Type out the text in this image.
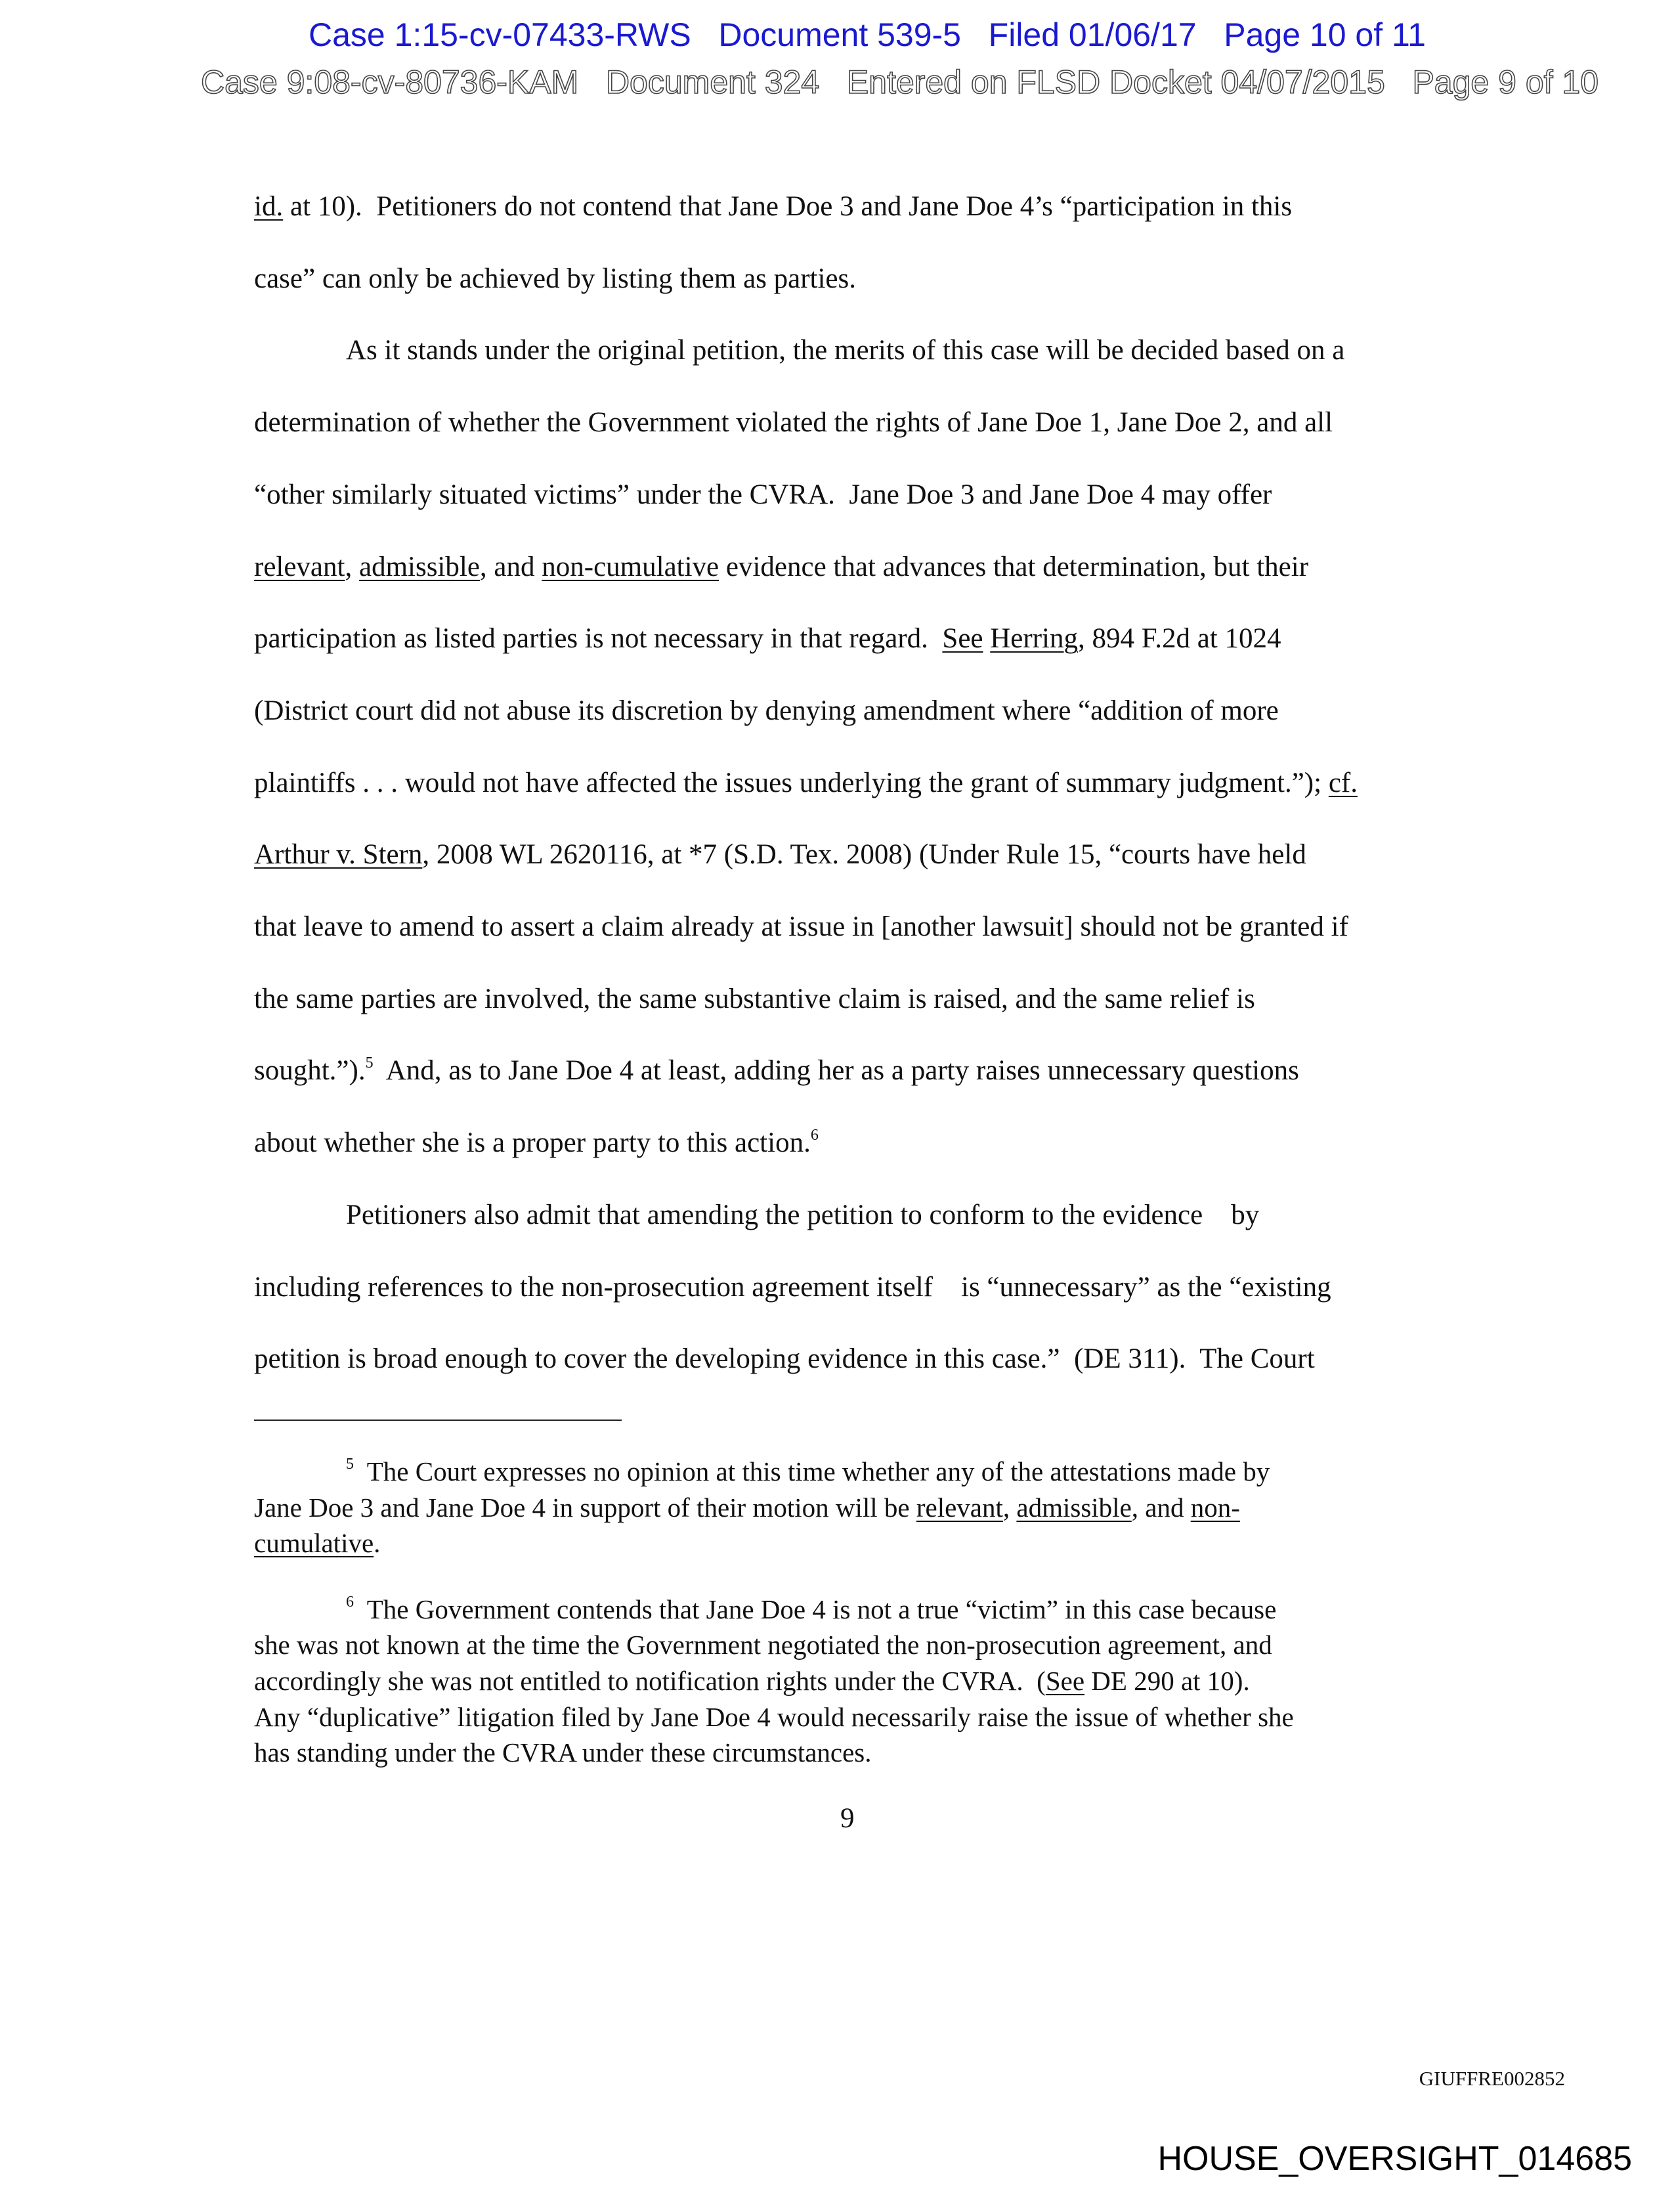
Case 1:15-cv-07433-RWS   Document 539-5   Filed 01/06/17   Page 10 of 11
Case 9:08-cv-80736-KAM   Document 324   Entered on FLSD Docket 04/07/2015   Page 9 of 10
id. at 10).  Petitioners do not contend that Jane Doe 3 and Jane Doe 4’s “participation in this
case” can only be achieved by listing them as parties.
As it stands under the original petition, the merits of this case will be decided based on a
determination of whether the Government violated the rights of Jane Doe 1, Jane Doe 2, and all
“other similarly situated victims” under the CVRA.  Jane Doe 3 and Jane Doe 4 may offer
relevant, admissible, and non-cumulative evidence that advances that determination, but their
participation as listed parties is not necessary in that regard.  See Herring, 894 F.2d at 1024
(District court did not abuse its discretion by denying amendment where “addition of more
plaintiffs . . . would not have affected the issues underlying the grant of summary judgment.”); cf.
Arthur v. Stern, 2008 WL 2620116, at *7 (S.D. Tex. 2008) (Under Rule 15, “courts have held
that leave to amend to assert a claim already at issue in [another lawsuit] should not be granted if
the same parties are involved, the same substantive claim is raised, and the same relief is
sought.”).$^5$  And, as to Jane Doe 4 at least, adding her as a party raises unnecessary questions
about whether she is a proper party to this action.$^6$
Petitioners also admit that amending the petition to conform to the evidence    by
including references to the non-prosecution agreement itself    is “unnecessary” as the “existing
petition is broad enough to cover the developing evidence in this case.”  (DE 311).  The Court
$^5$  The Court expresses no opinion at this time whether any of the attestations made by
Jane Doe 3 and Jane Doe 4 in support of their motion will be relevant, admissible, and non-
cumulative.
$^6$  The Government contends that Jane Doe 4 is not a true “victim” in this case because
she was not known at the time the Government negotiated the non-prosecution agreement, and
accordingly she was not entitled to notification rights under the CVRA.  (See DE 290 at 10).
Any “duplicative” litigation filed by Jane Doe 4 would necessarily raise the issue of whether she
has standing under the CVRA under these circumstances.
9
GIUFFRE002852
HOUSE_OVERSIGHT_014685
